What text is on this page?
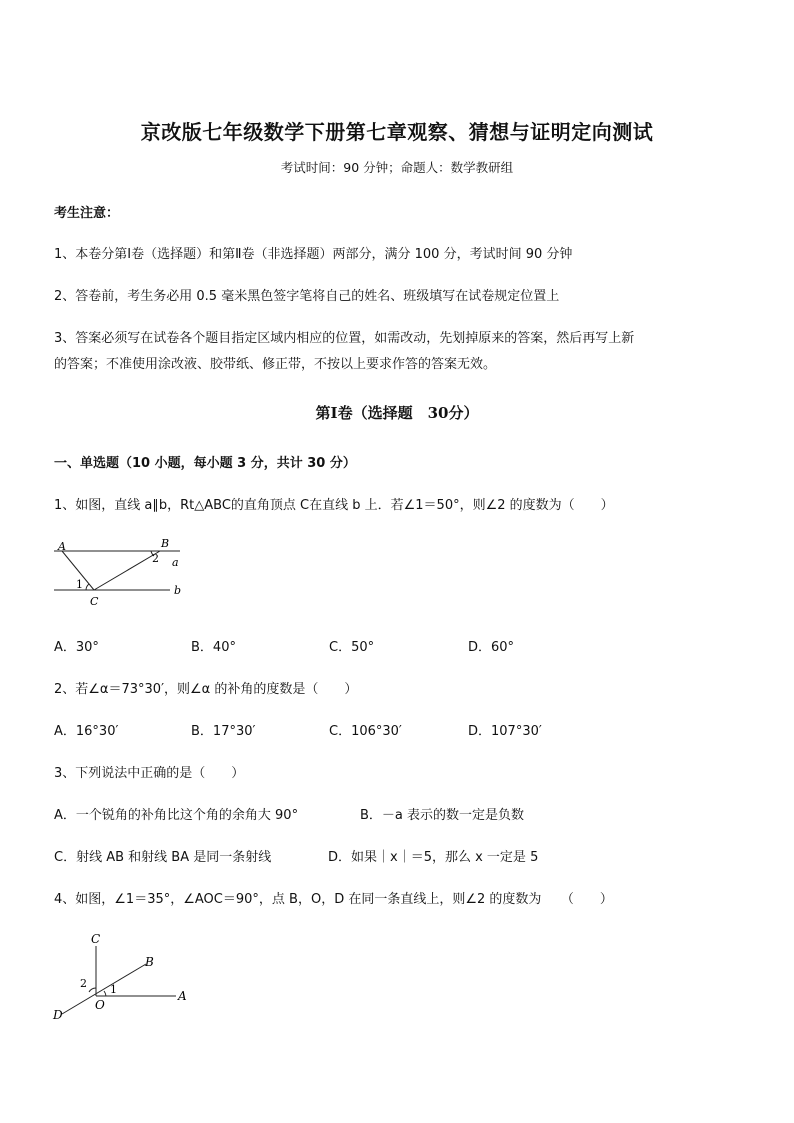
京改版七年级数学下册第七章观察、猜想与证明定向测试
考试时间：90 分钟；命题人：数学教研组
考生注意：
1、本卷分第Ⅰ卷（选择题）和第Ⅱ卷（非选择题）两部分，满分 100 分，考试时间 90 分钟
2、答卷前，考生务必用 0.5 毫米黑色签字笔将自己的姓名、班级填写在试卷规定位置上
3、答案必须写在试卷各个题目指定区域内相应的位置，如需改动，先划掉原来的答案，然后再写上新
的答案；不准使用涂改液、胶带纸、修正带，不按以上要求作答的答案无效。
第Ⅰ卷（选择题　30分）
一、单选题（10 小题，每小题 3 分，共计 30 分）
1、如图，直线 a∥b，Rt△ABC的直角顶点 C在直线 b 上．若∠1＝50°，则∠2 的度数为（　　）
A	B
C
1
2 a
b
A．30°	B．40°	C．50°	D．60°
2、若∠α＝73°30′，则∠α 的补角的度数是（　　）
A．16°30′	B．17°30′	C．106°30′	D．107°30′
3、下列说法中正确的是（　　）
A．一个锐角的补角比这个角的余角大 90°	B．－a 表示的数一定是负数
C．射线 AB 和射线 BA 是同一条射线	D．如果｜x｜＝5，那么 x 一定是 5
4、如图，∠1＝35°，∠AOC＝90°，点 B，O，D 在同一条直线上，则∠2 的度数为　　（　　）
C
B
A
D
O
1
2
